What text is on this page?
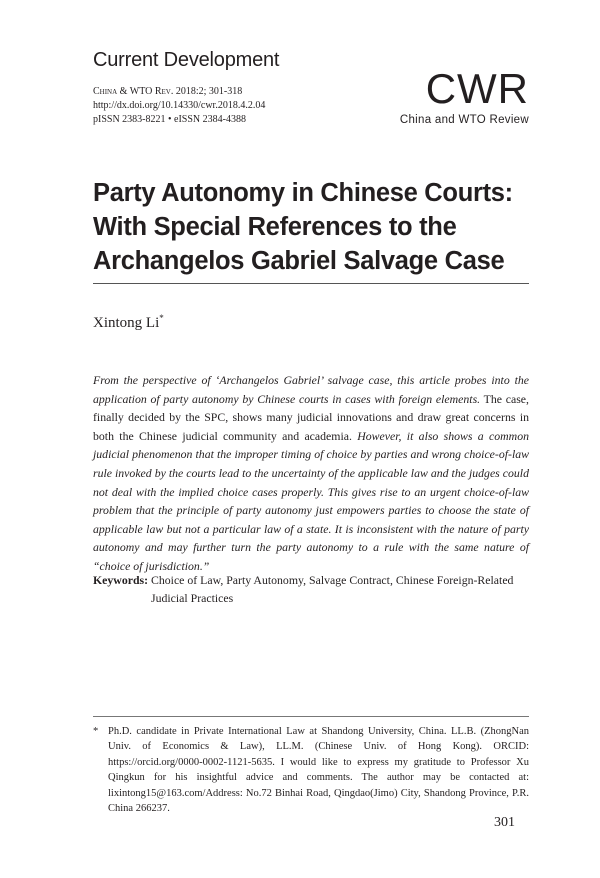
Current Development
China & WTO Rev. 2018:2; 301-318
http://dx.doi.org/10.14330/cwr.2018.4.2.04
pISSN 2383-8221 • eISSN 2384-4388
CWR
China and WTO Review
Party Autonomy in Chinese Courts:
With Special References to the
Archangelos Gabriel Salvage Case
Xintong Li*

From the perspective of ‘Archangelos Gabriel’ salvage case, this article probes into the application of party autonomy by Chinese courts in cases with foreign elements. The case, finally decided by the SPC, shows many judicial innovations and draw great concerns in both the Chinese judicial community and academia. However, it also shows a common judicial phenomenon that the improper timing of choice by parties and wrong choice-of-law rule invoked by the courts lead to the uncertainty of the applicable law and the judges could not deal with the implied choice cases properly. This gives rise to an urgent choice-of-law problem that the principle of party autonomy just empowers parties to choose the state of applicable law but not a particular law of a state. It is inconsistent with the nature of party autonomy and may further turn the party autonomy to a rule with the same nature of “choice of jurisdiction.”

Keywords: Choice of Law, Party Autonomy, Salvage Contract, Chinese Foreign-Related
Judicial Practices
* Ph.D. candidate in Private International Law at Shandong University, China. LL.B. (ZhongNan Univ. of Economics & Law), LL.M. (Chinese Univ. of Hong Kong). ORCID: https://orcid.org/0000-0002-1121-5635. I would like to express my gratitude to Professor Xu Qingkun for his insightful advice and comments. The author may be contacted at: lixintong15@163.com/Address: No.72 Binhai Road, Qingdao(Jimo) City, Shandong Province, P.R. China 266237.
301
